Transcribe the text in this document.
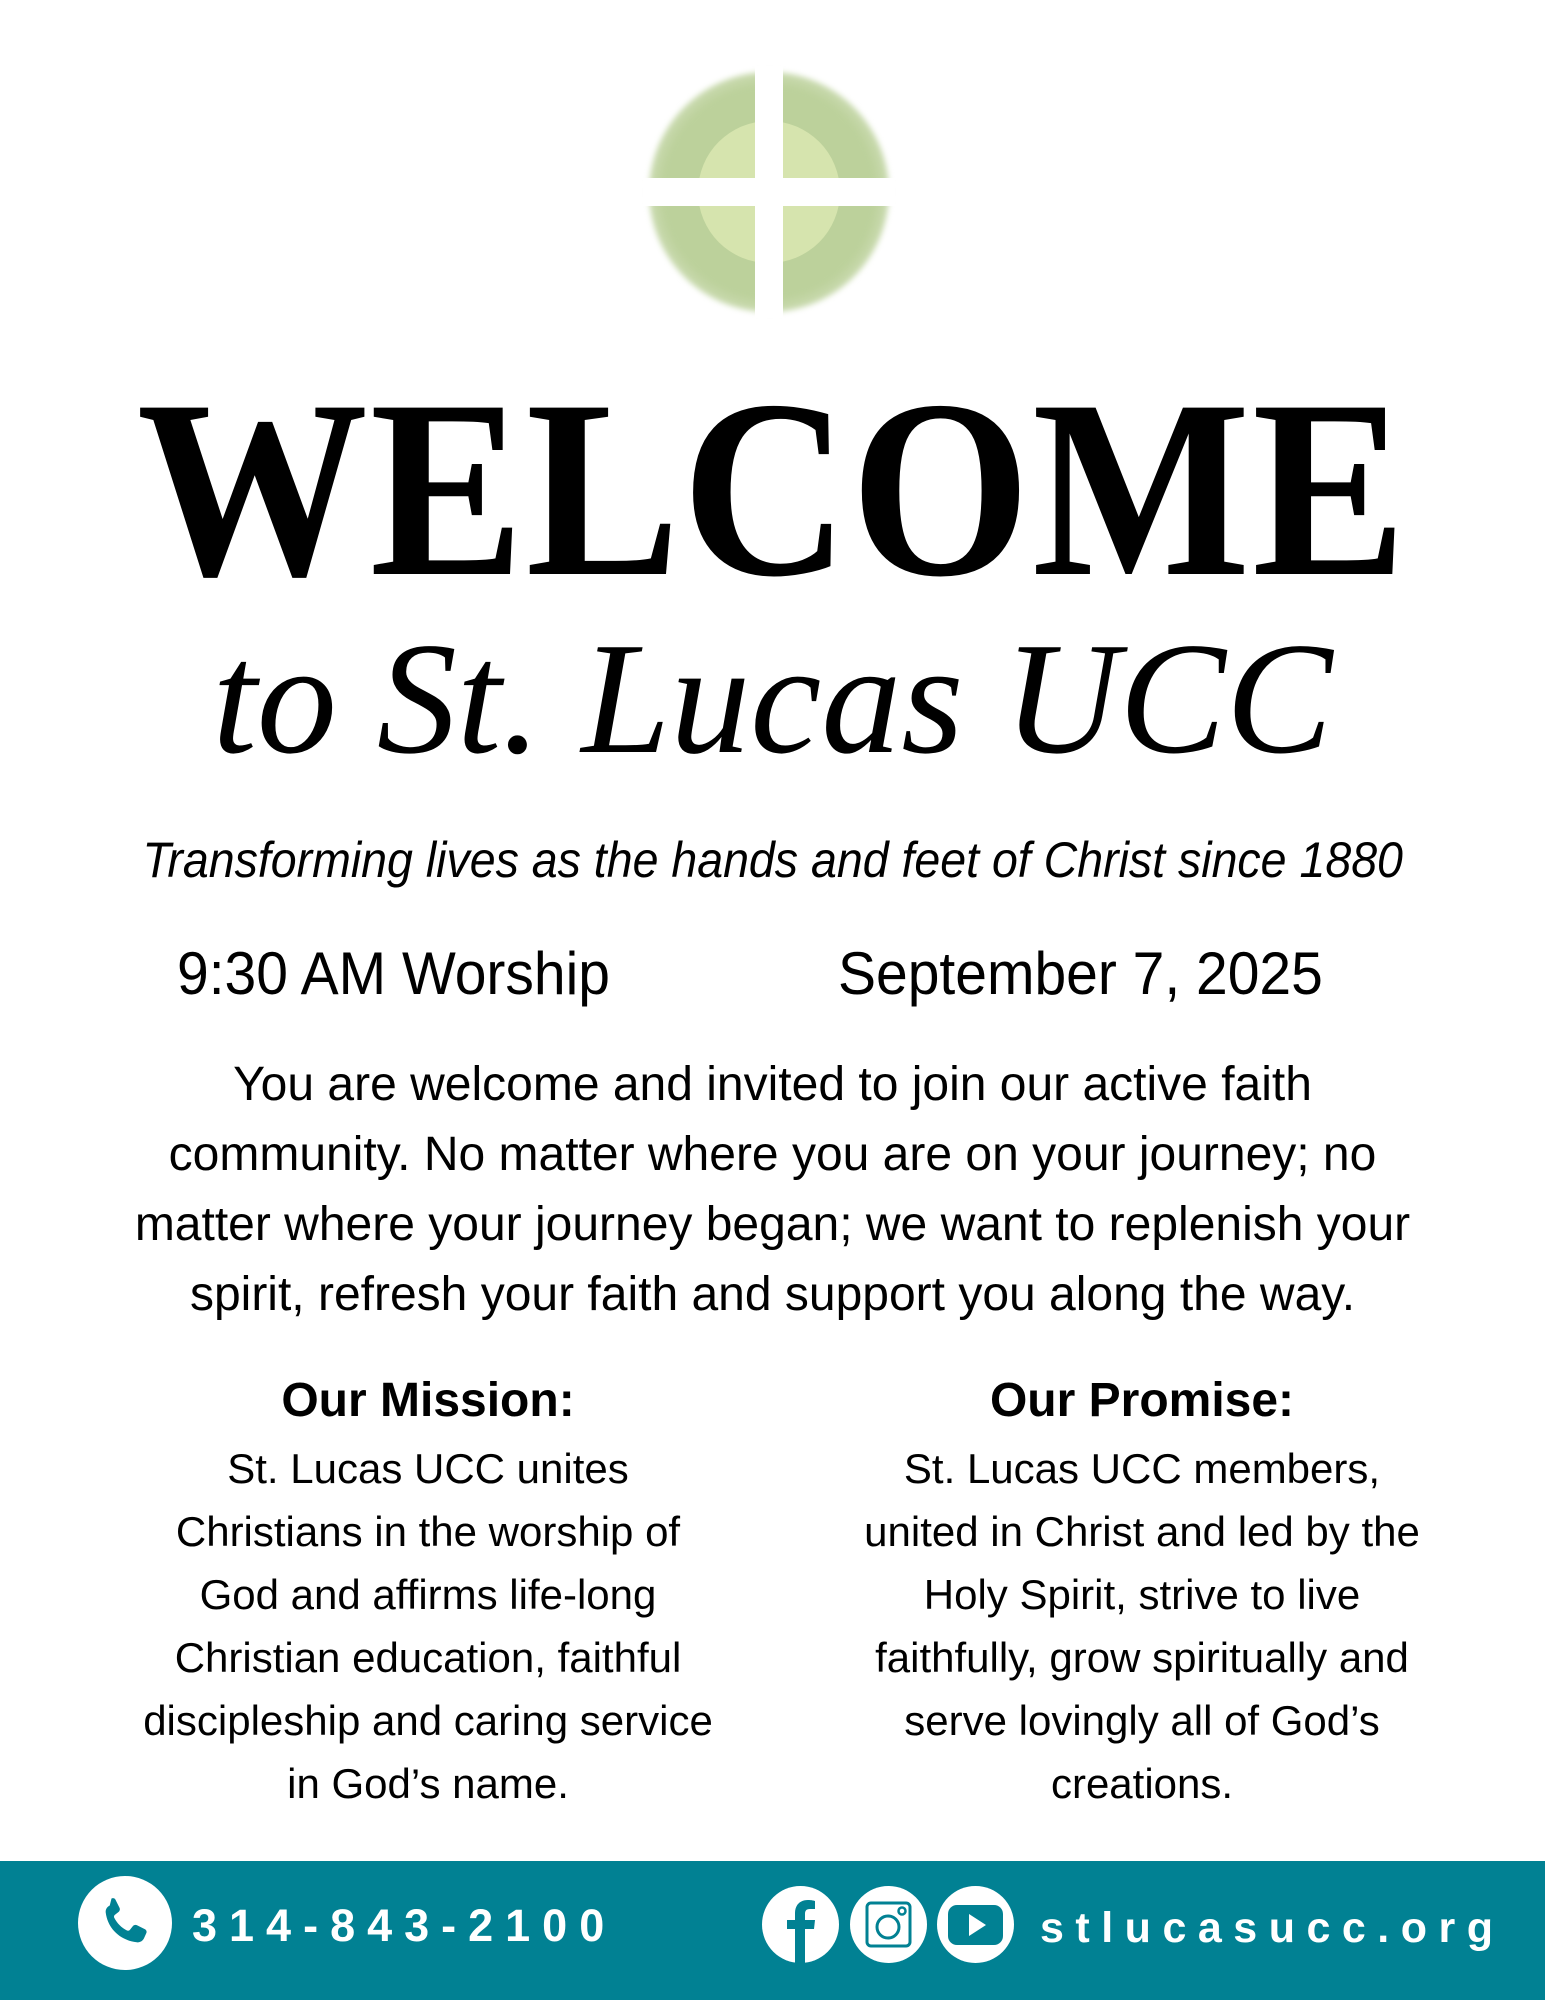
WELCOME
to St. Lucas UCC
Transforming lives as the hands and feet of Christ since 1880
9:30 AM Worship	September 7, 2025
You are welcome and invited to join our active faith
community. No matter where you are on your journey; no
matter where your journey began; we want to replenish your
spirit, refresh your faith and support you along the way.
Our Mission:
St. Lucas UCC unites
Christians in the worship of
God and affirms life-long
Christian education, faithful
discipleship and caring service
in God’s name.
Our Promise:
St. Lucas UCC members,
united in Christ and led by the
Holy Spirit, strive to live
faithfully, grow spiritually and
serve lovingly all of God’s
creations.
314-843-2100	stlucasucc.org
